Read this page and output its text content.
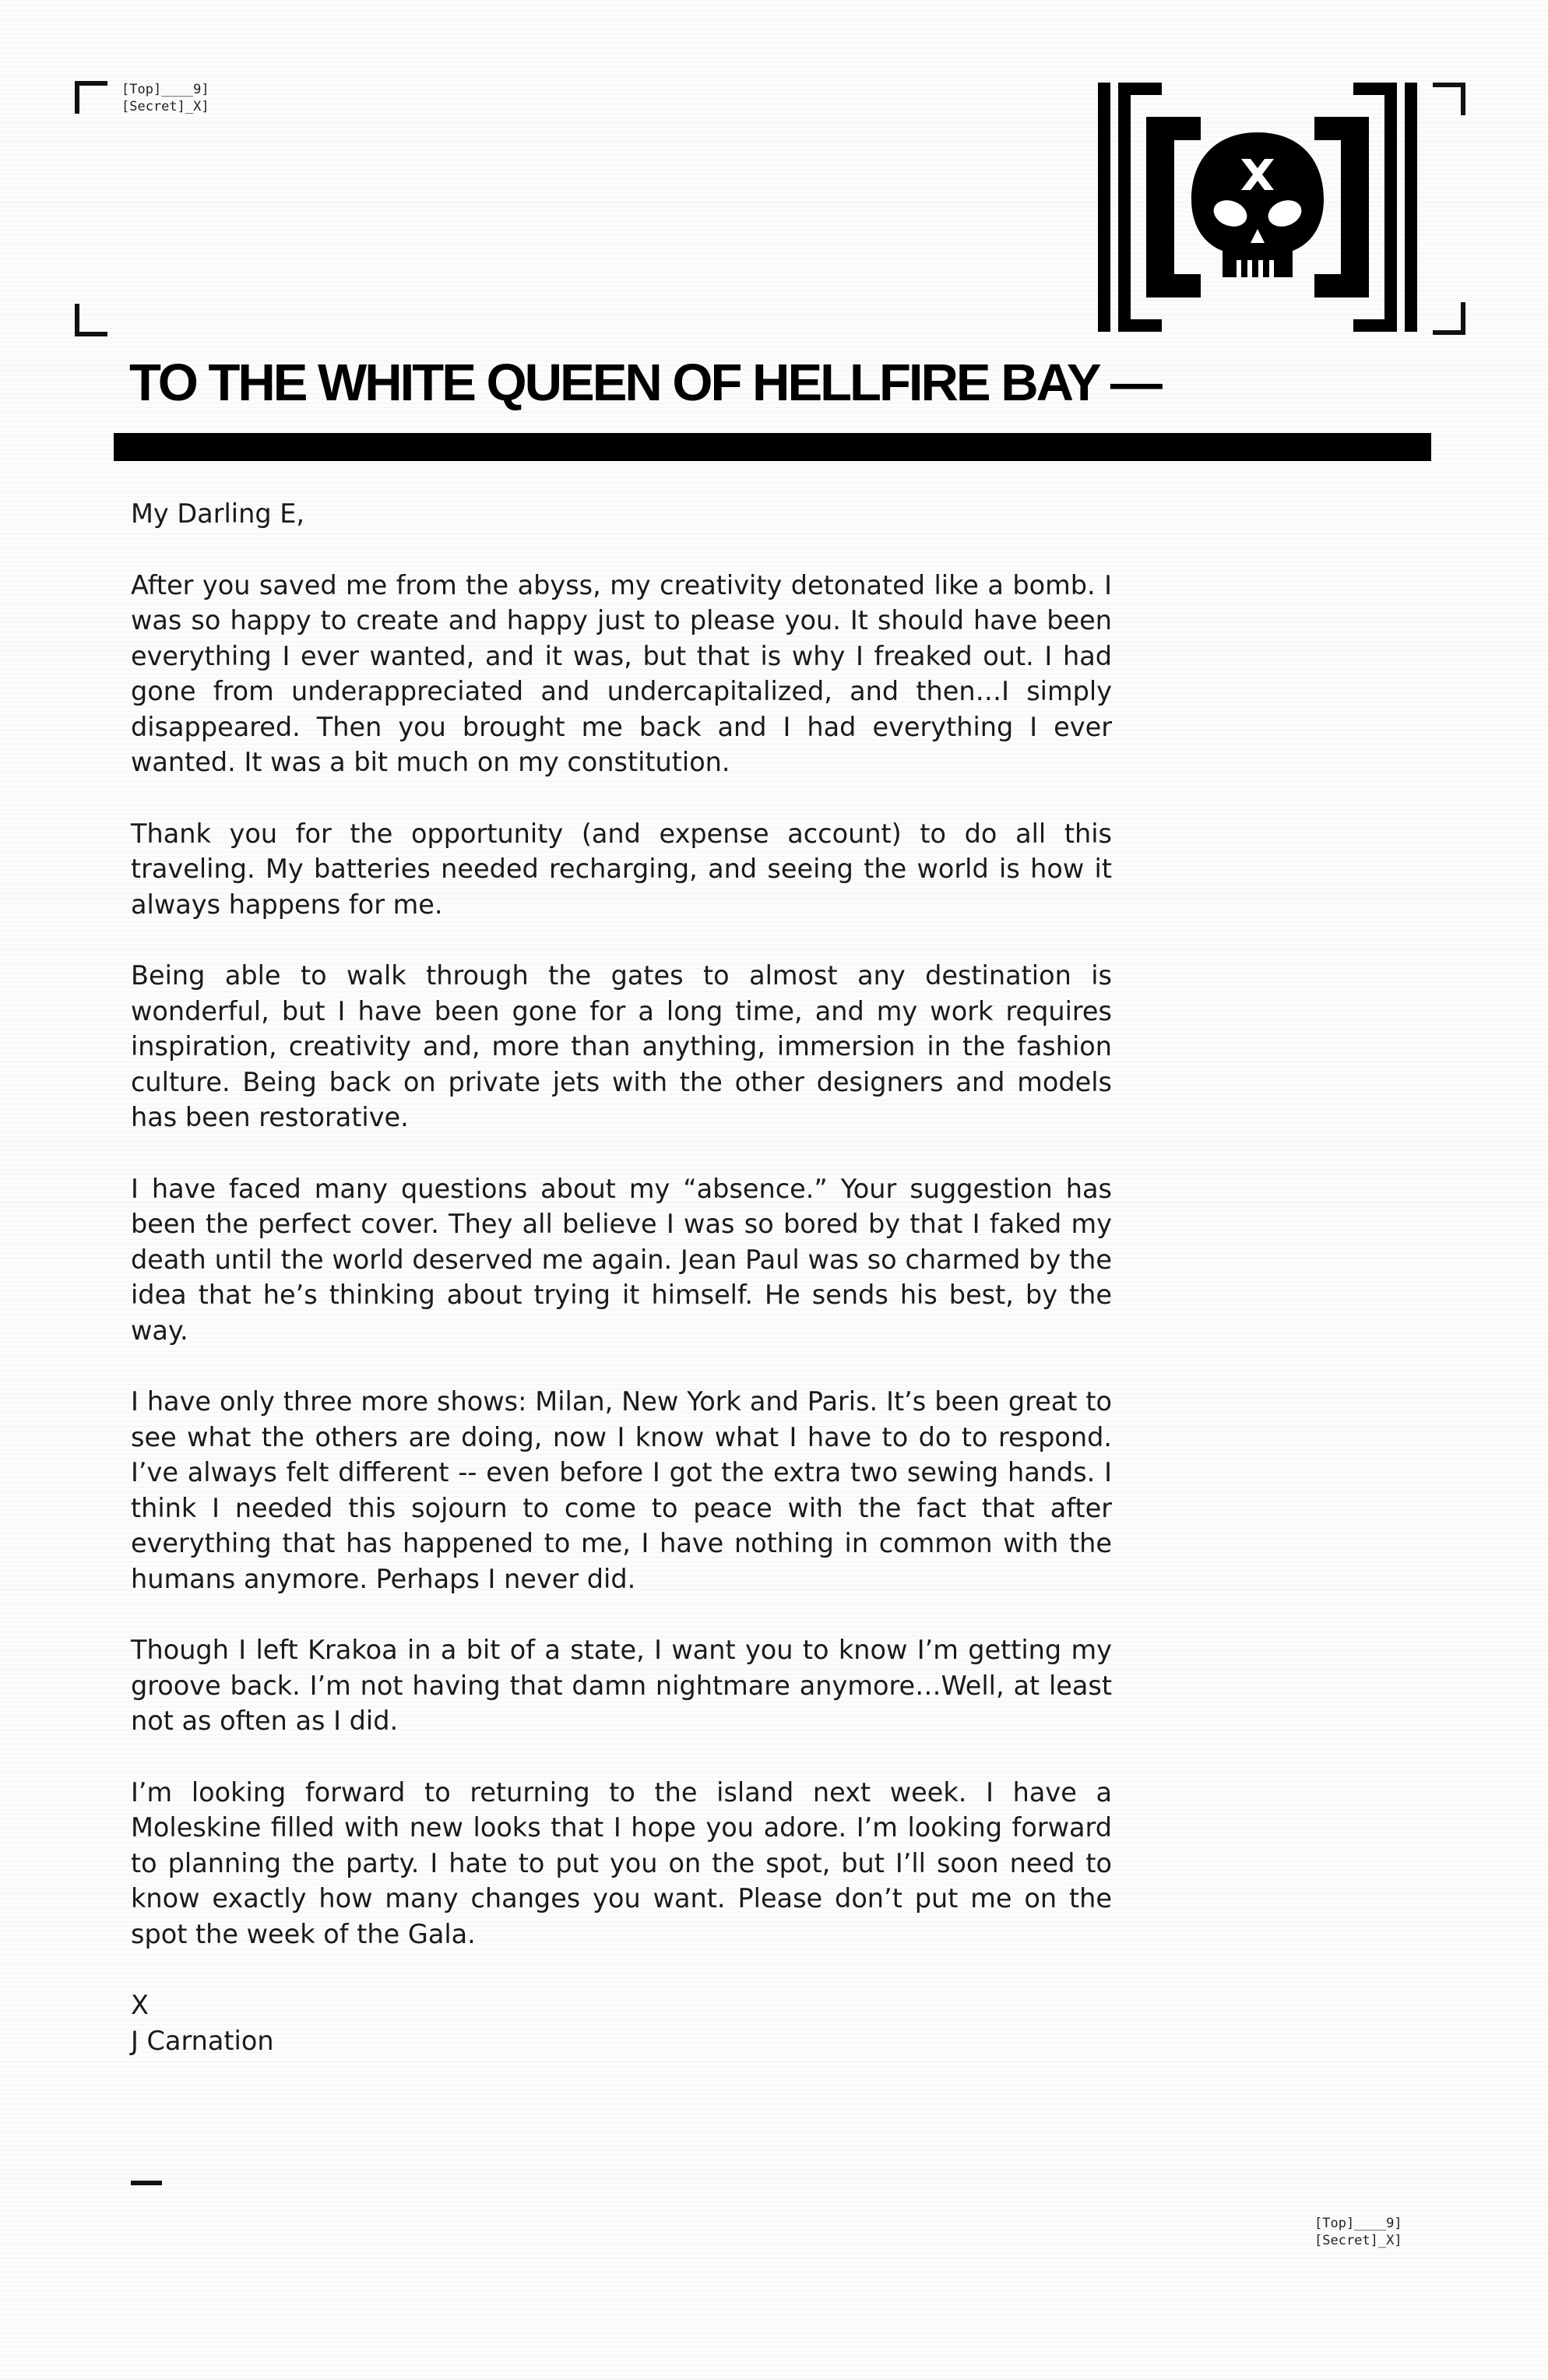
[Top]____9]
[Secret]_X]
TO THE WHITE QUEEN OF HELLFIRE BAY —

My Darling E,

After you saved me from the abyss, my creativity detonated like a bomb. I was so happy to create and happy just to please you. It should have been everything I ever wanted, and it was, but that is why I freaked out. I had gone from underappreciated and undercapitalized, and then…I simply disappeared. Then you brought me back and I had everything I ever wanted. It was a bit much on my constitution.

Thank you for the opportunity (and expense account) to do all this traveling. My batteries needed recharging, and seeing the world is how it always happens for me.

Being able to walk through the gates to almost any destination is wonderful, but I have been gone for a long time, and my work requires inspiration, creativity and, more than anything, immersion in the fashion culture. Being back on private jets with the other designers and models has been restorative.

I have faced many questions about my “absence.” Your suggestion has been the perfect cover. They all believe I was so bored by that I faked my death until the world deserved me again. Jean Paul was so charmed by the idea that he’s thinking about trying it himself. He sends his best, by the way.

I have only three more shows: Milan, New York and Paris. It’s been great to see what the others are doing, now I know what I have to do to respond. I’ve always felt different -- even before I got the extra two sewing hands. I think I needed this sojourn to come to peace with the fact that after everything that has happened to me, I have nothing in common with the humans anymore. Perhaps I never did.

Though I left Krakoa in a bit of a state, I want you to know I’m getting my groove back. I’m not having that damn nightmare anymore…Well, at least not as often as I did.

I’m looking forward to returning to the island next week. I have a Moleskine filled with new looks that I hope you adore. I’m looking forward to planning the party. I hate to put you on the spot, but I’ll soon need to know exactly how many changes you want. Please don’t put me on the spot the week of the Gala.

X
J Carnation
[Top]____9]
[Secret]_X]
